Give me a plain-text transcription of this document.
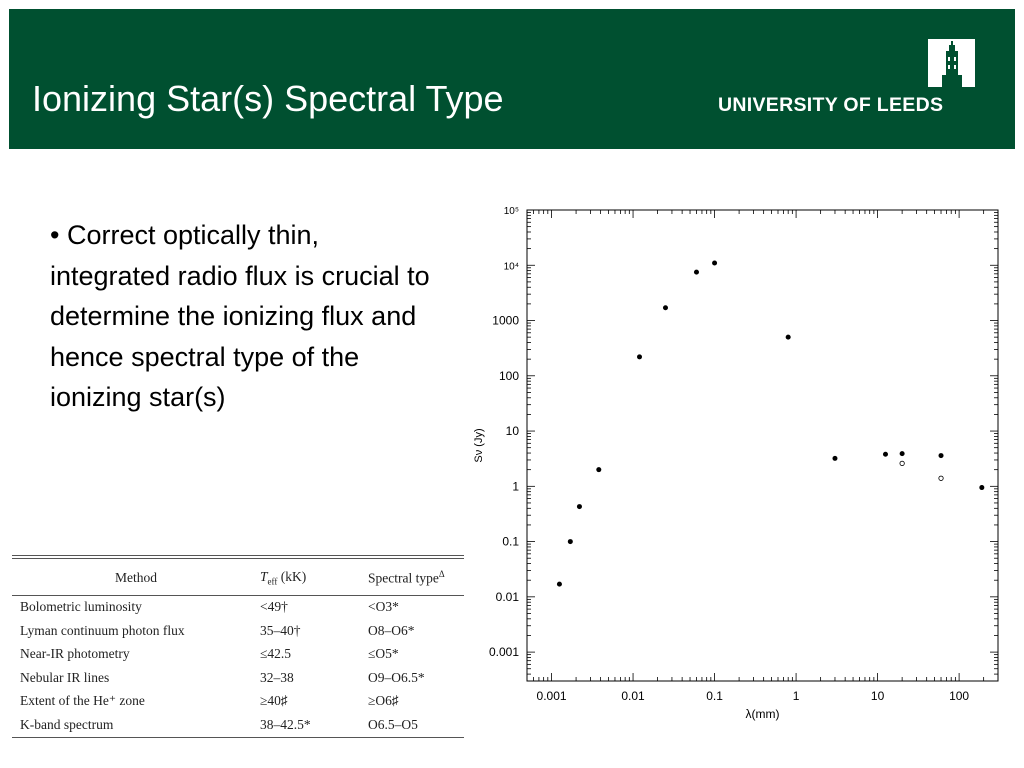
Ionizing Star(s) Spectral Type	UNIVERSITY OF LEEDS
• Correct optically thin, integrated radio flux is crucial to determine the ionizing flux and hence spectral type of the ionizing star(s)
0.001	0.01	0.1	1	10	100
10⁵
10⁴
1000
100
10
1
0.1
0.01
0.001
λ(mm)
Sν (Jy)

Method	$T_{eff}$ (kK)	Spectral type$^\Delta$
Bolometric luminosity	<49†	<O3*
Lyman continuum photon flux	35–40†	O8–O6*
Near-IR photometry	≤42.5	≤O5*
Nebular IR lines	32–38	O9–O6.5*
Extent of the He⁺ zone	≥40♯	≥O6♯
K-band spectrum	38–42.5*	O6.5–O5
